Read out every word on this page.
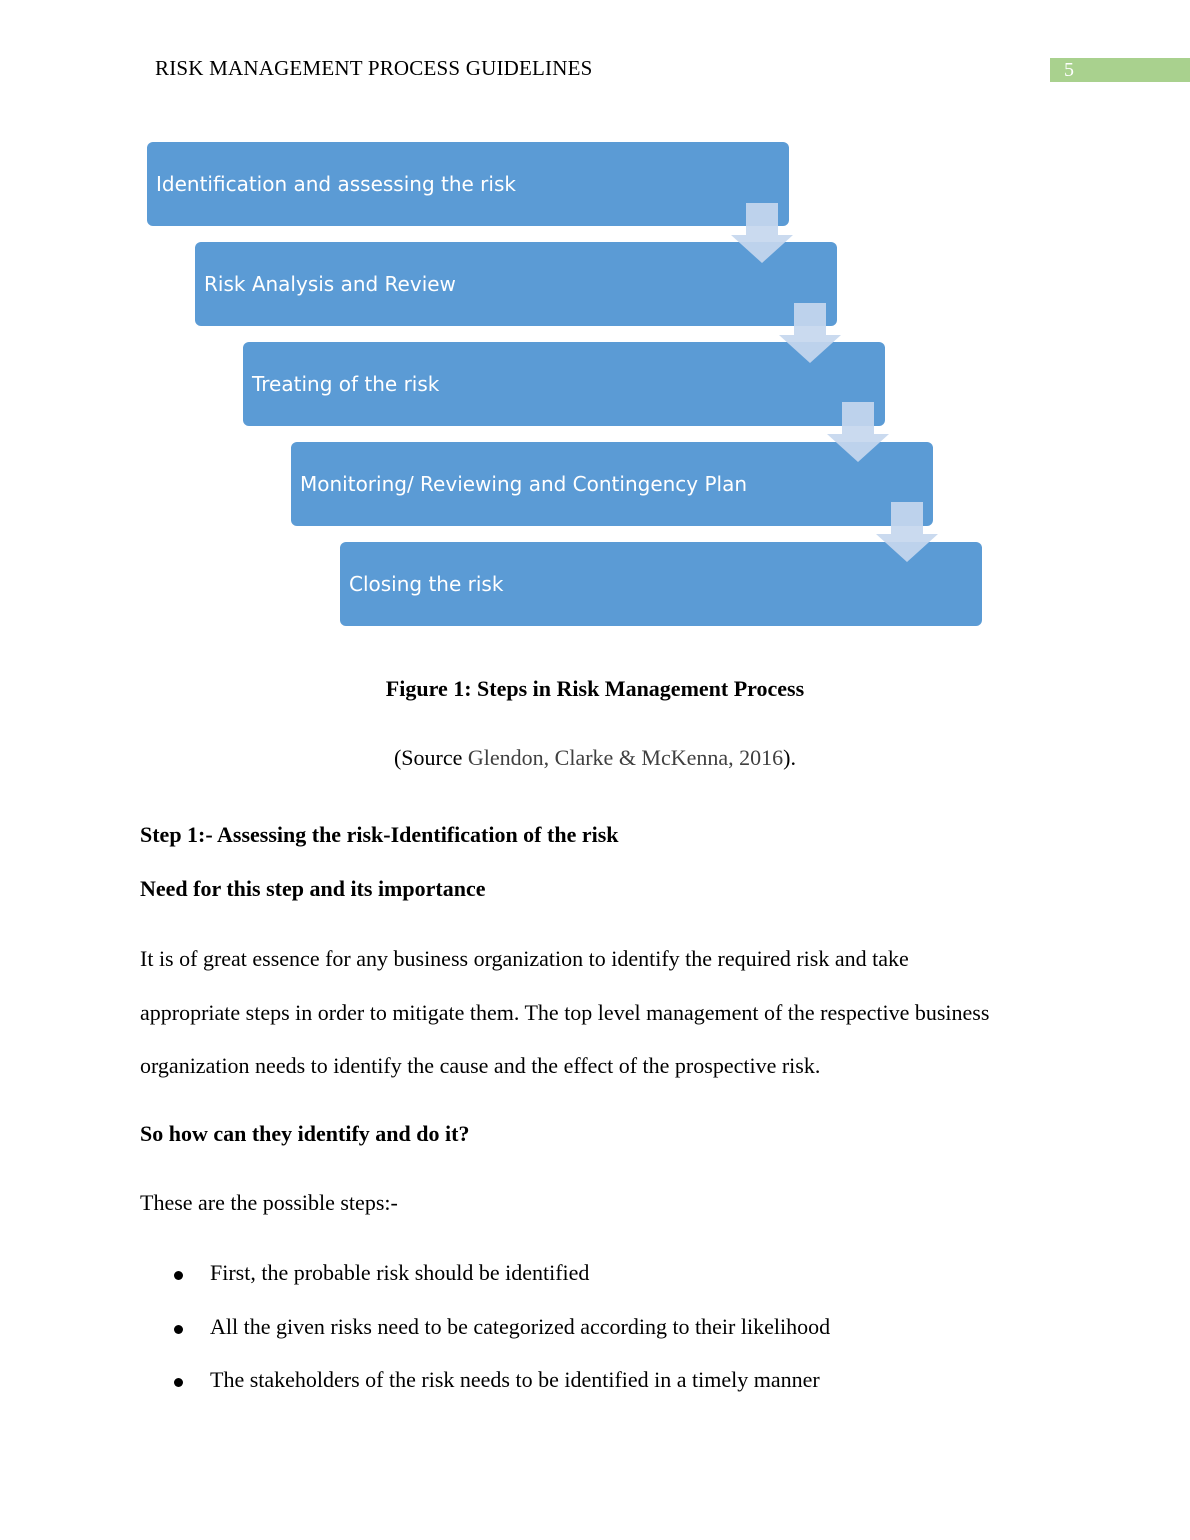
RISK MANAGEMENT PROCESS GUIDELINES	5
Identification and assessing the risk
Risk Analysis and Review
Treating of the risk
Monitoring/ Reviewing and Contingency Plan
Closing the risk
Figure 1: Steps in Risk Management Process
(Source Glendon, Clarke & McKenna, 2016).
Step 1:- Assessing the risk-Identification of the risk
Need for this step and its importance
It is of great essence for any business organization to identify the required risk and take
appropriate steps in order to mitigate them. The top level management of the respective business
organization needs to identify the cause and the effect of the prospective risk.
So how can they identify and do it?
These are the possible steps:-
First, the probable risk should be identified
All the given risks need to be categorized according to their likelihood
The stakeholders of the risk needs to be identified in a timely manner
